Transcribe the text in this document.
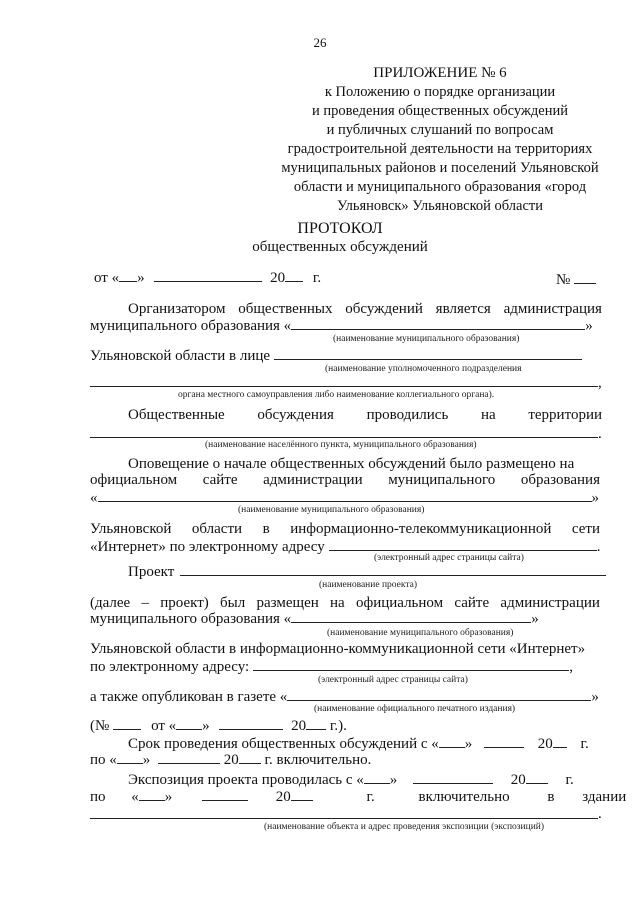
26
ПРИЛОЖЕНИЕ № 6
к Положению о порядке организации
и проведения общественных обсуждений
и публичных слушаний по вопросам
градостроительной деятельности на территориях
муниципальных районов и поселений Ульяновской
области и муниципального образования «город
Ульяновск» Ульяновской области
ПРОТОКОЛ
общественных обсуждений
от « »	20 г.	№
Организатором общественных обсуждений является администрация
муниципального образования «	»
(наименование муниципального образования)
Ульяновской области в лице
(наименование уполномоченного подразделения
,
органа местного самоуправления либо наименование коллегиального органа).
Общественные обсуждения проводились на территории
.
(наименование населённого пункта, муниципального образования)
Оповещение о начале общественных обсуждений было размещено на
официальном сайте администрации муниципального образования
«	»
(наименование муниципального образования)
Ульяновской области в информационно-телекоммуникационной сети
«Интернет» по электронному адресу	.
(электронный адрес страницы сайта)
Проект
(наименование проекта)
(далее – проект) был размещен на официальном сайте администрации
муниципального образования «	»
(наименование муниципального образования)
Ульяновской области в информационно-коммуникационной сети «Интернет»
по электронному адресу:	,
(электронный адрес страницы сайта)
а также опубликован в газете «	»
(наименование официального печатного издания)
(№	от « »	20 г.).
Срок проведения общественных обсуждений с « »	20 г.
по « »	20 г. включительно.
Экспозиция проекта проводилась с « »	20	г.
по « »	20	г.	включительно	в здании
.
(наименование объекта и адрес проведения экспозиции (экспозиций)
